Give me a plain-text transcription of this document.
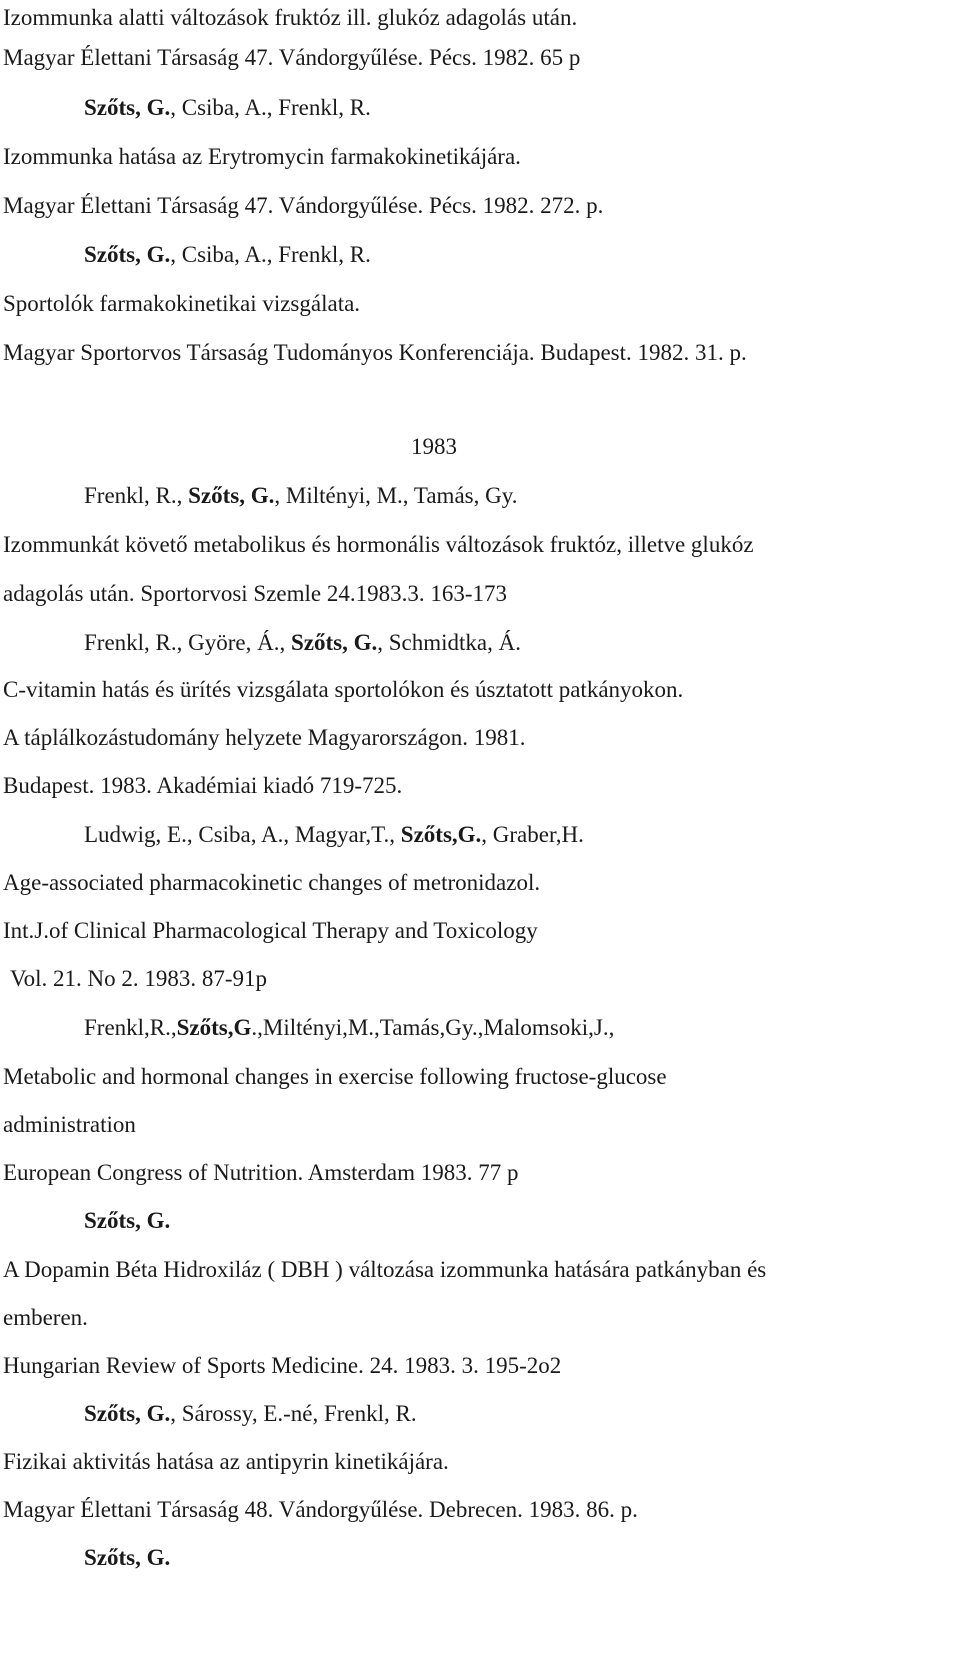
Izommunka alatti változások fruktóz ill. glukóz adagolás után.
Magyar Élettani Társaság 47. Vándorgyűlése. Pécs. 1982. 65 p
Szőts, G., Csiba, A., Frenkl, R.
Izommunka hatása az Erytromycin farmakokinetikájára.
Magyar Élettani Társaság 47. Vándorgyűlése. Pécs. 1982. 272. p.
Szőts, G., Csiba, A., Frenkl, R.
Sportolók farmakokinetikai vizsgálata.
Magyar Sportorvos Társaság Tudományos Konferenciája. Budapest. 1982. 31. p.
1983
Frenkl, R., Szőts, G., Miltényi, M., Tamás, Gy.
Izommunkát követő metabolikus és hormonális változások fruktóz, illetve glukóz
adagolás után. Sportorvosi Szemle 24.1983.3. 163-173
Frenkl, R., Györe, Á., Szőts, G., Schmidtka, Á.
C-vitamin hatás és ürítés vizsgálata sportolókon és úsztatott patkányokon.
A táplálkozástudomány helyzete Magyarországon. 1981.
Budapest. 1983. Akadémiai kiadó 719-725.
Ludwig, E., Csiba, A., Magyar,T., Szőts,G., Graber,H.
Age-associated pharmacokinetic changes of metronidazol.
Int.J.of Clinical Pharmacological Therapy and Toxicology
Vol. 21. No 2. 1983. 87-91p
Frenkl,R.,Szőts,G.,Miltényi,M.,Tamás,Gy.,Malomsoki,J.,
Metabolic and hormonal changes in exercise following fructose-glucose
administration
European Congress of Nutrition. Amsterdam 1983. 77 p
Szőts, G.
A Dopamin Béta Hidroxiláz ( DBH ) változása izommunka hatására patkányban és
emberen.
Hungarian Review of Sports Medicine. 24. 1983. 3. 195-2o2
Szőts, G., Sárossy, E.-né, Frenkl, R.
Fizikai aktivitás hatása az antipyrin kinetikájára.
Magyar Élettani Társaság 48. Vándorgyűlése. Debrecen. 1983. 86. p.
Szőts, G.
